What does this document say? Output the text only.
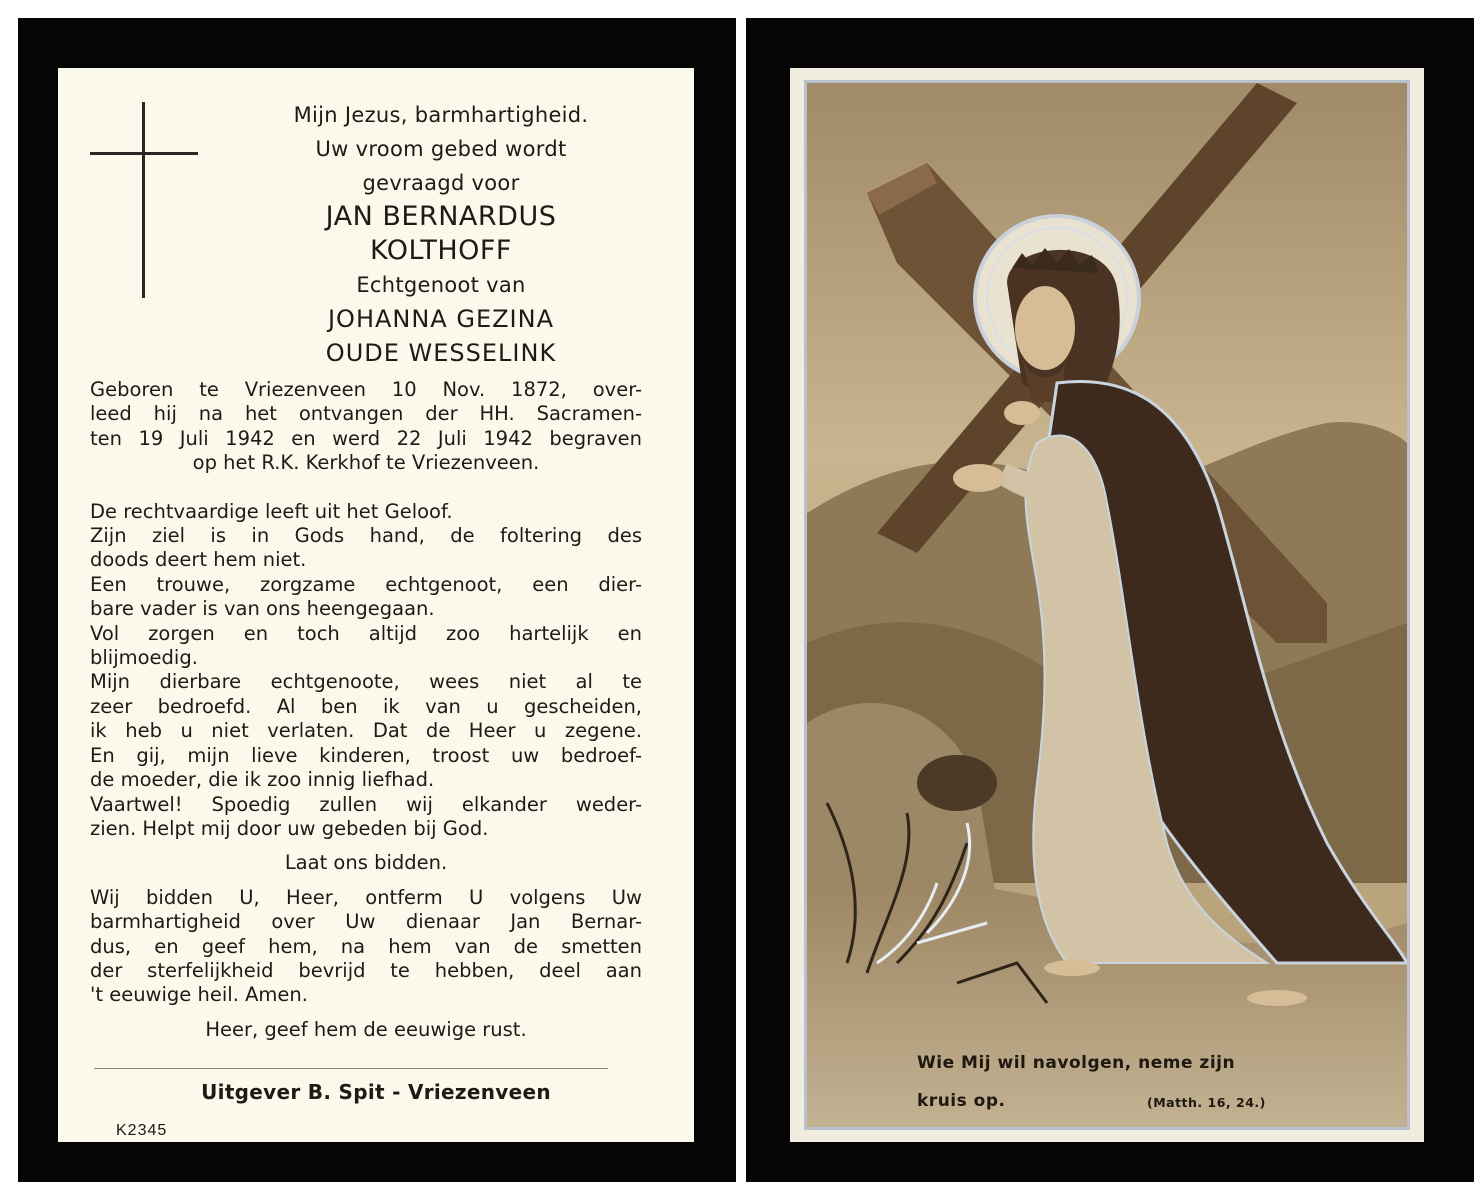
Mijn Jezus, barmhartigheid.
Uw vroom gebed wordt
gevraagd voor
JAN BERNARDUS
KOLTHOFF
Echtgenoot van
JOHANNA GEZINA
OUDE WESSELINK

Geboren te Vriezenveen 10 Nov. 1872, over-

leed hij na het ontvangen der HH. Sacramen-

ten 19 Juli 1942 en werd 22 Juli 1942 begraven

op het R.K. Kerkhof te Vriezenveen.

De rechtvaardige leeft uit het Geloof.

Zijn ziel is in Gods hand, de foltering des

doods deert hem niet.

Een trouwe, zorgzame echtgenoot, een dier-

bare vader is van ons heengegaan.

Vol zorgen en toch altijd zoo hartelijk en

blijmoedig.

Mijn dierbare echtgenoote, wees niet al te

zeer bedroefd. Al ben ik van u gescheiden,

ik heb u niet verlaten. Dat de Heer u zegene.

En gij, mijn lieve kinderen, troost uw bedroef-

de moeder, die ik zoo innig liefhad.

Vaartwel! Spoedig zullen wij elkander weder-

zien. Helpt mij door uw gebeden bij God.

Laat ons bidden.

Wij bidden U, Heer, ontferm U volgens Uw

barmhartigheid over Uw dienaar Jan Bernar-

dus, en geef hem, na hem van de smetten

der sterfelijkheid bevrijd te hebben, deel aan

't eeuwige heil. Amen.

Heer, geef hem de eeuwige rust.

Uitgever B. Spit - Vriezenveen
K2345
Wie Mij wil navolgen, neme zijn
kruis op.	(Matth. 16, 24.)
